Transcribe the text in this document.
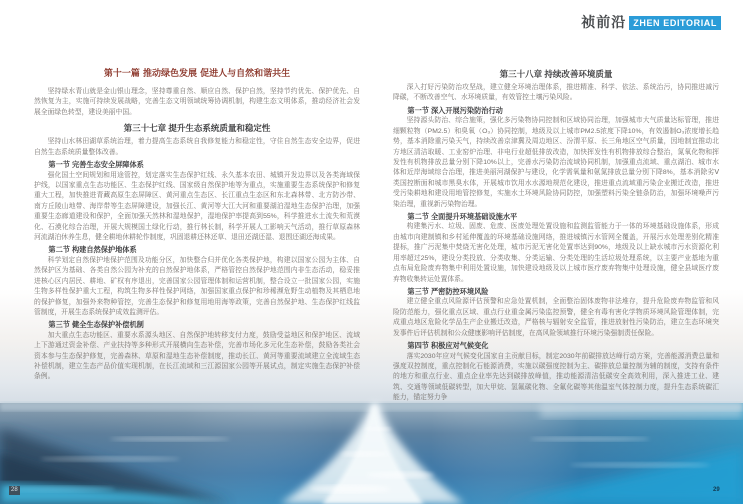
祯前沿 ZHEN EDITORIAL
第十一篇 推动绿色发展 促进人与自然和谐共生

坚持绿水青山就是金山银山理念，坚持尊重自然、顺应自然、保护自然，坚持节约优先、保护优先、自然恢复为主，实施可持续发展战略，完善生态文明领域统筹协调机制，构建生态文明体系，推动经济社会发展全面绿色转型，建设美丽中国。

第三十七章 提升生态系统质量和稳定性

坚持山水林田湖草系统治理，着力提高生态系统自我修复能力和稳定性，守住自然生态安全边界，促进自然生态系统质量整体改善。

第一节 完善生态安全屏障体系

强化国土空间规划和用途管控，划定落实生态保护红线、永久基本农田、城镇开发边界以及各类海域保护线，以国家重点生态功能区、生态保护红线、国家级自然保护地等为重点，实施重要生态系统保护和修复重大工程，加快推进青藏高原生态屏障区、黄河重点生态区、长江重点生态区和东北森林带、北方防沙带、南方丘陵山地带、海岸带等生态屏障建设，加强长江、黄河等大江大河和重要湖泊湿地生态保护治理，加强重要生态廊道建设和保护，全面加强天然林和湿地保护，湿地保护率提高到55%，科学推进水土流失和荒漠化、石漠化综合治理，开展大规模国土绿化行动，推行林长制，科学开展人工影响天气活动，推行草原森林河流湖泊休养生息，健全耕地休耕轮作制度，巩固退耕还林还草、退田还湖还湿、退围还湖还海成果。

第二节 构建自然保护地体系

科学划定自然保护地保护范围及功能分区，加快整合归并优化各类保护地，构建以国家公园为主体、自然保护区为基础、各类自然公园为补充的自然保护地体系，严格管控自然保护地范围内非生态活动，稳妥推进核心区内居民、耕地、矿权有序退出，完善国家公园管理体制和运营机制，整合设立一批国家公园，实施生物多样性保护重大工程，构筑生物多样性保护网络，加强国家重点保护和珍稀濒危野生动植物及其栖息地的保护修复，加强外来物种管控，完善生态保护和修复用地用海等政策，完善自然保护地、生态保护红线监管制度，开展生态系统保护成效监测评估。

第三节 健全生态保护补偿机制

加大重点生态功能区、重要水系源头地区、自然保护地转移支付力度，鼓励受益地区和保护地区、流域上下游通过资金补偿、产业扶持等多种形式开展横向生态补偿，完善市场化多元化生态补偿，鼓励各类社会资本参与生态保护修复，完善森林、草原和湿地生态补偿制度，推动长江、黄河等重要流域建立全流域生态补偿机制，建立生态产品价值实现机制，在长江流域和三江源国家公园等开展试点，制定实施生态保护补偿条例。

第三十八章 持续改善环境质量

深入打好污染防治攻坚战，建立健全环境治理体系，推进精准、科学、依法、系统治污，协同推进减污降碳，不断改善空气、水环境质量，有效管控土壤污染风险。

第一节 深入开展污染防治行动

坚持源头防治、综合施策，强化多污染物协同控制和区域协同治理，加强城市大气质量达标管理，推进细颗粒物（PM2.5）和臭氧（O₃）协同控制，地级及以上城市PM2.5浓度下降10%，有效遏制O₃浓度增长趋势，基本消除重污染天气，持续改善京津冀及周边地区、汾渭平原、长三角地区空气质量，因地制宜推动北方地区清洁取暖、工业窑炉治理、非电行业超低排放改造，加快挥发性有机物排放综合整治，氮氧化物和挥发性有机物排放总量分别下降10%以上，完善水污染防治流域协同机制，加强重点流域、重点湖泊、城市水体和近岸海域综合治理，推进美丽河湖保护与建设，化学需氧量和氨氮排放总量分别下降8%，基本消除劣Ⅴ类国控断面和城市黑臭水体，开展城市饮用水水源地规范化建设，推进重点流域重污染企业搬迁改造，推进受污染耕地和建设用地管控修复，实施水土环境风险协同防控，加强塑料污染全链条防治，加强环境噪声污染治理，重视新污染物治理。

第二节 全面提升环境基础设施水平

构建集污水、垃圾、固废、危废、医废处理处置设施和监测监管能力于一体的环境基础设施体系，形成由城市向建制镇和乡村延伸覆盖的环境基础设施网络，推进城镇污水管网全覆盖，开展污水处理差别化精准提标，推广污泥集中焚烧无害化处理，城市污泥无害化处置率达到90%，地级及以上缺水城市污水资源化利用率超过25%，建设分类投放、分类收集、分类运输、分类处理的生活垃圾处理系统，以主要产业基地为重点布局危险废弃物集中利用处置设施，加快建设地级及以上城市医疗废弃物集中处理设施，健全县域医疗废弃物收集转运处置体系。

第三节 严密防控环境风险

建立健全重点风险源评估预警和应急处置机制，全面整治固体废物非法堆存，提升危险废弃物监管和风险防范能力，强化重点区域、重点行业重金属污染监控预警，健全有毒有害化学物质环境风险管理体制，完成重点地区危险化学品生产企业搬迁改造，严格核与辐射安全监管，推进放射性污染防治，建立生态环境突发事件后评估机制和公众健康影响评估制度，在高风险领域推行环境污染强制责任保险。

第四节 积极应对气候变化

落实2030年应对气候变化国家自主贡献目标，制定2030年前碳排放达峰行动方案，完善能源消费总量和强度双控制度，重点控制化石能源消费，实施以碳强度控制为主、碳排放总量控制为辅的制度，支持有条件的地方和重点行业、重点企业率先达到碳排放峰值，推动能源清洁低碳安全高效利用，深入推进工业、建筑、交通等领域低碳转型，加大甲烷、氢氟碳化物、全氟化碳等其他温室气体控制力度，提升生态系统碳汇能力，锚定努力争

28	29
